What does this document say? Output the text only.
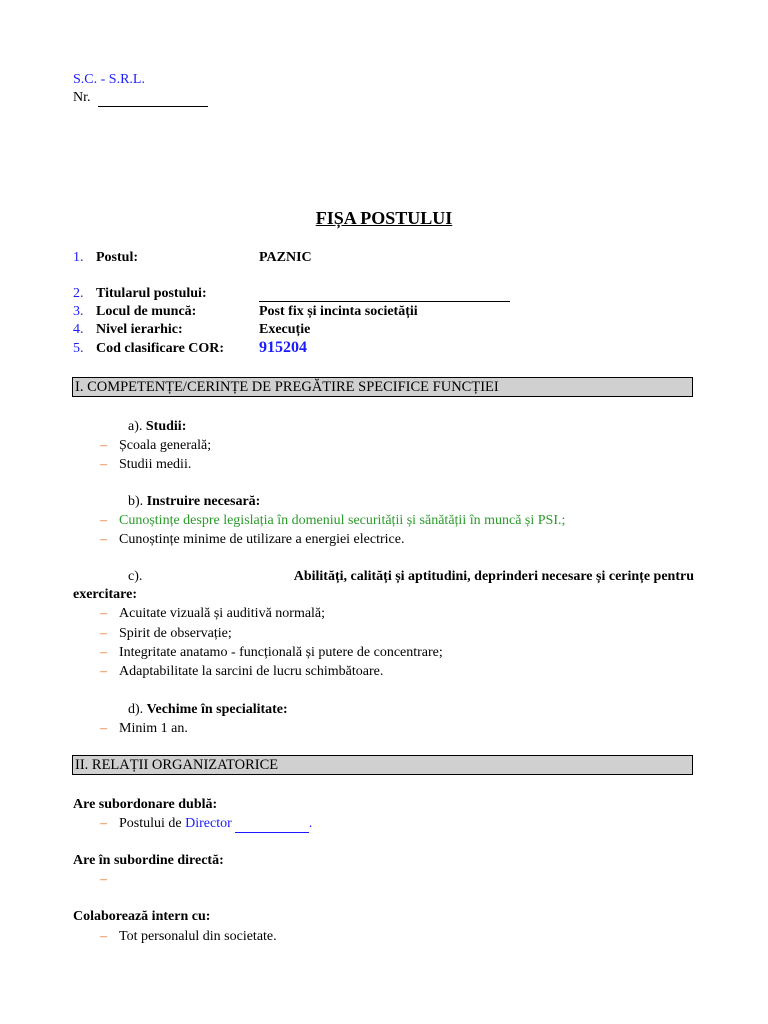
S.C. - S.R.L.
Nr.
FIȘA POSTULUI
1. Postul:	PAZNIC
2. Titularul postului:
3. Locul de muncă:	Post fix și incinta societății
4. Nivel ierarhic:	Execuție
5. Cod clasificare COR: 915204
I. COMPETENȚE/CERINȚE DE PREGĂTIRE SPECIFICE FUNCȚIEI
a). Studii:
– Școala generală;
– Studii medii.
b). Instruire necesară:
– Cunoștințe despre legislația în domeniul securității și sănătății în muncă și PSI.;
– Cunoștințe minime de utilizare a energiei electrice.
c).	Abilități, calități și aptitudini, deprinderi necesare și cerințe pentru
exercitare:
– Acuitate vizuală și auditivă normală;
– Spirit de observație;
– Integritate anatamo - funcțională și putere de concentrare;
– Adaptabilitate la sarcini de lucru schimbătoare.
d). Vechime în specialitate:
– Minim 1 an.
II. RELAȚII ORGANIZATORICE
Are subordonare dublă:
– Postului de Director	.
Are în subordine directă:
–
Colaborează intern cu:
– Tot personalul din societate.
